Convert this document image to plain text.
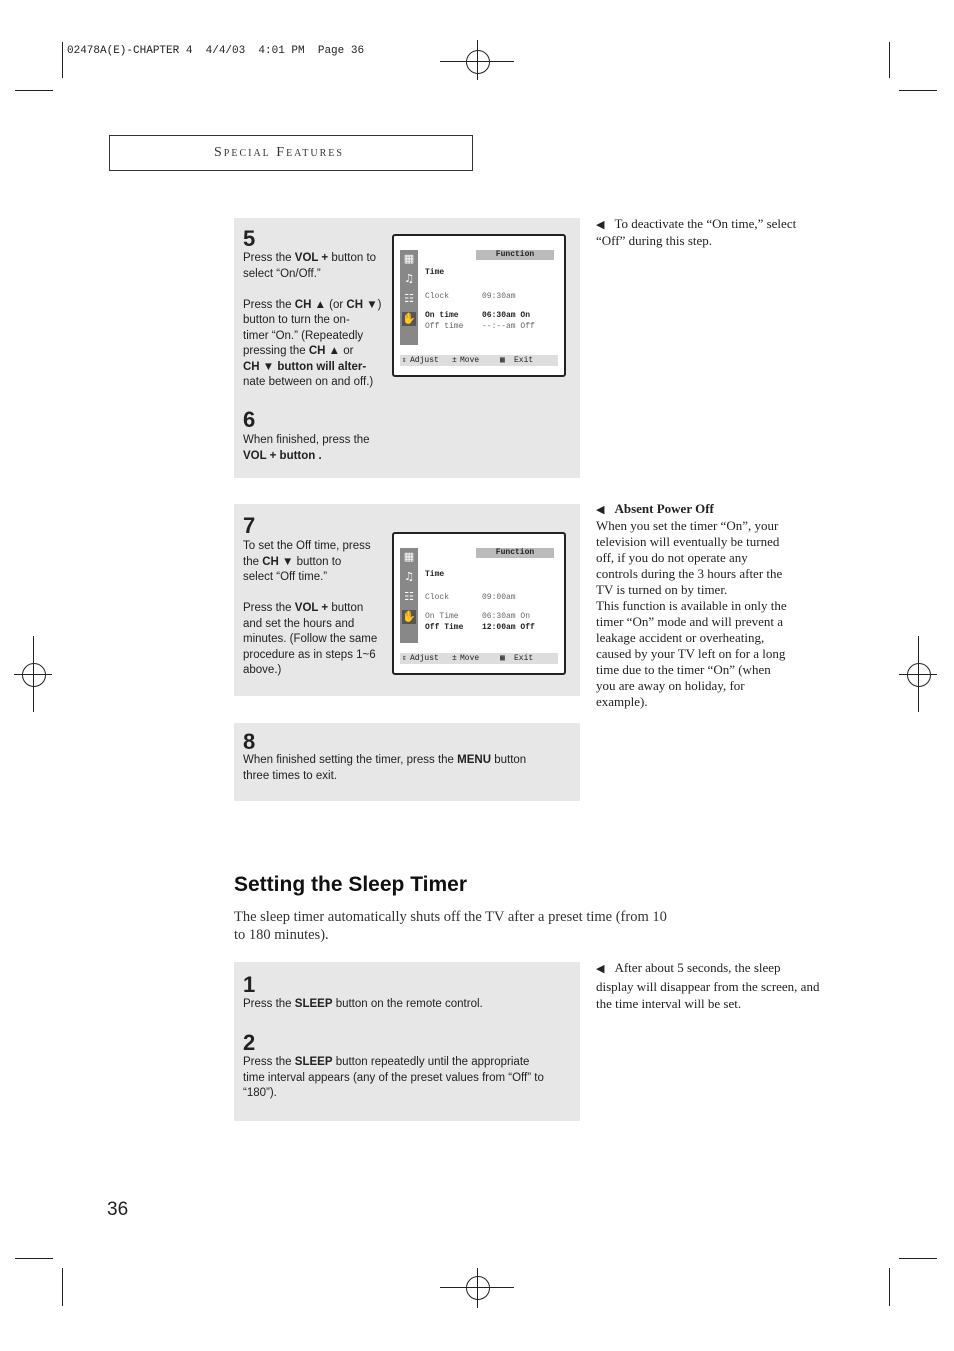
02478A(E)-CHAPTER 4  4/4/03  4:01 PM  Page 36
Special Features
5
Press the VOL + button to
select “On/Off.”

Press the CH ▲ (or CH ▼)
button to turn the on-
timer “On.” (Repeatedly
pressing the CH ▲ or
CH ▼ button will alter-
nate between on and off.)
6
When finished, press the
VOL + button .
▦
♫
☷
✋
Function
Time
Clock	09:30am
On time	06:30am On
Off time --:--am Off
⇕ Adjust ± Move	▦ Exit
7
To set the Off time, press
the CH ▼ button to
select “Off time.”

Press the VOL + button
and set the hours and
minutes. (Follow the same
procedure as in steps 1~6
above.)
▦
♫
☷
✋
Function
Time
Clock	09:00am
On Time	06:30am On
Off Time 12:00am Off
⇕ Adjust ± Move	▦ Exit
8
When finished setting the timer, press the MENU button
three times to exit.
◀ To deactivate the “On time,” select “Off” during this step.
◀ Absent Power Off
When you set the timer “On”, your
television will eventually be turned
off, if you do not operate any
controls during the 3 hours after the
TV is turned on by timer.
This function is available in only the
timer “On” mode and will prevent a
leakage accident or overheating,
caused by your TV left on for a long
time due to the timer “On” (when
you are away on holiday, for
example).
◀ After about 5 seconds, the sleep display will disappear from the screen, and the time interval will be set.
Setting the Sleep Timer
The sleep timer automatically shuts off the TV after a preset time (from 10 to 180 minutes).
1
Press the SLEEP button on the remote control.
2
Press the SLEEP button repeatedly until the appropriate
time interval appears (any of the preset values from “Off” to
“180”).
36
